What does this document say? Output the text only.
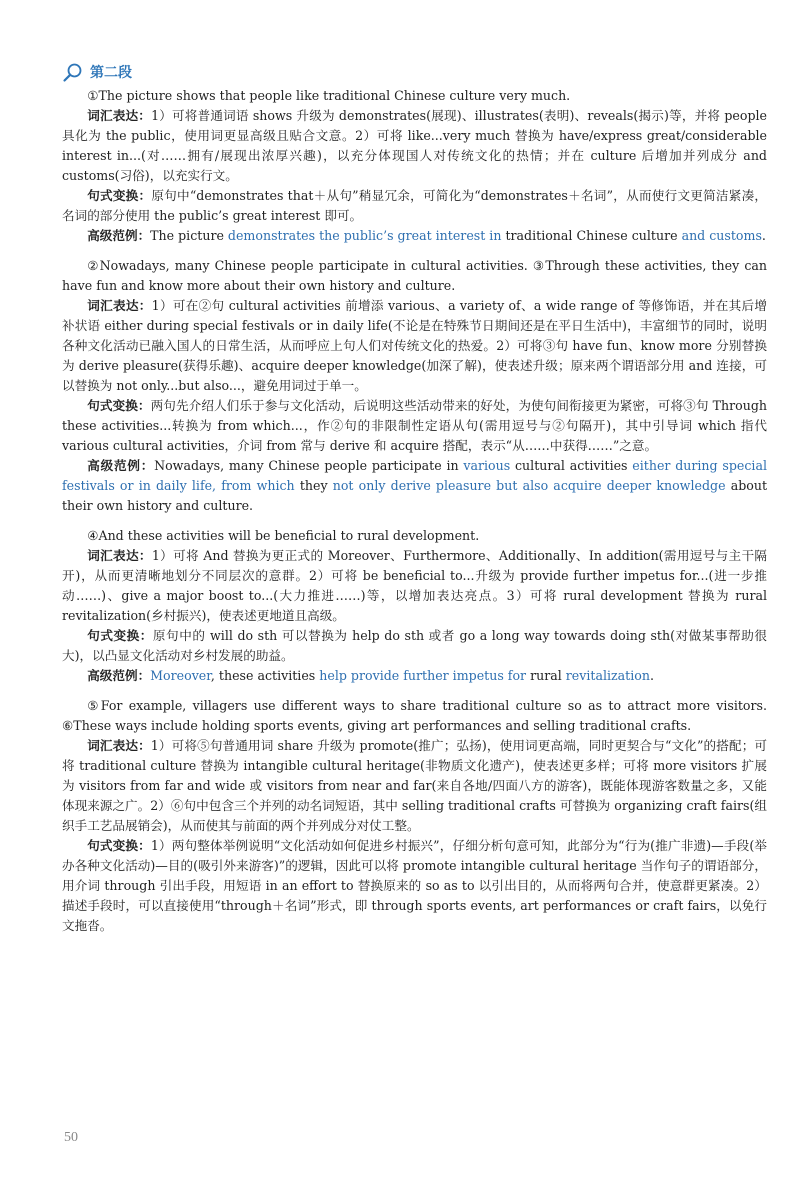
第二段

①The picture shows that people like traditional Chinese culture very much.

词汇表达：1）可将普通词语 shows 升级为 demonstrates(展现)、illustrates(表明)、reveals(揭示)等，并将 people 具化为 the public，使用词更显高级且贴合文意。2）可将 like...very much 替换为 have/express great/considerable interest in...(对……拥有/展现出浓厚兴趣)，以充分体现国人对传统文化的热情；并在 culture 后增加并列成分 and customs(习俗)，以充实行文。

句式变换：原句中“demonstrates that＋从句”稍显冗余，可简化为“demonstrates＋名词”，从而使行文更简洁紧凑，名词的部分使用 the public’s great interest 即可。

高级范例：The picture demonstrates the public’s great interest in traditional Chinese culture and customs.

②Nowadays, many Chinese people participate in cultural activities. ③Through these activities, they can have fun and know more about their own history and culture.

词汇表达：1）可在②句 cultural activities 前增添 various、a variety of、a wide range of 等修饰语，并在其后增补状语 either during special festivals or in daily life(不论是在特殊节日期间还是在平日生活中)，丰富细节的同时，说明各种文化活动已融入国人的日常生活，从而呼应上句人们对传统文化的热爱。2）可将③句 have fun、know more 分别替换为 derive pleasure(获得乐趣)、acquire deeper knowledge(加深了解)，使表述升级；原来两个谓语部分用 and 连接，可以替换为 not only...but also...，避免用词过于单一。

句式变换：两句先介绍人们乐于参与文化活动，后说明这些活动带来的好处，为使句间衔接更为紧密，可将③句 Through these activities...转换为 from which...，作②句的非限制性定语从句(需用逗号与②句隔开)，其中引导词 which 指代 various cultural activities，介词 from 常与 derive 和 acquire 搭配，表示“从……中获得……”之意。

高级范例：Nowadays, many Chinese people participate in various cultural activities either during special festivals or in daily life, from which they not only derive pleasure but also acquire deeper knowledge about their own history and culture.

④And these activities will be beneficial to rural development.

词汇表达：1）可将 And 替换为更正式的 Moreover、Furthermore、Additionally、In addition(需用逗号与主干隔开)，从而更清晰地划分不同层次的意群。2）可将 be beneficial to...升级为 provide further impetus for...(进一步推动……)、give a major boost to...(大力推进……)等，以增加表达亮点。3）可将 rural development 替换为 rural revitalization(乡村振兴)，使表述更地道且高级。

句式变换：原句中的 will do sth 可以替换为 help do sth 或者 go a long way towards doing sth(对做某事帮助很大)，以凸显文化活动对乡村发展的助益。

高级范例：Moreover, these activities help provide further impetus for rural revitalization.

⑤For example, villagers use different ways to share traditional culture so as to attract more visitors. ⑥These ways include holding sports events, giving art performances and selling traditional crafts.

词汇表达：1）可将⑤句普通用词 share 升级为 promote(推广；弘扬)，使用词更高端，同时更契合与“文化”的搭配；可将 traditional culture 替换为 intangible cultural heritage(非物质文化遗产)，使表述更多样；可将 more visitors 扩展为 visitors from far and wide 或 visitors from near and far(来自各地/四面八方的游客)，既能体现游客数量之多，又能体现来源之广。2）⑥句中包含三个并列的动名词短语，其中 selling traditional crafts 可替换为 organizing craft fairs(组织手工艺品展销会)，从而使其与前面的两个并列成分对仗工整。

句式变换：1）两句整体举例说明“文化活动如何促进乡村振兴”，仔细分析句意可知，此部分为“行为(推广非遗)—手段(举办各种文化活动)—目的(吸引外来游客)”的逻辑，因此可以将 promote intangible cultural heritage 当作句子的谓语部分，用介词 through 引出手段，用短语 in an effort to 替换原来的 so as to 以引出目的，从而将两句合并，使意群更紧凑。2）描述手段时，可以直接使用“through＋名词”形式，即 through sports events, art performances or craft fairs，以免行文拖沓。

50
